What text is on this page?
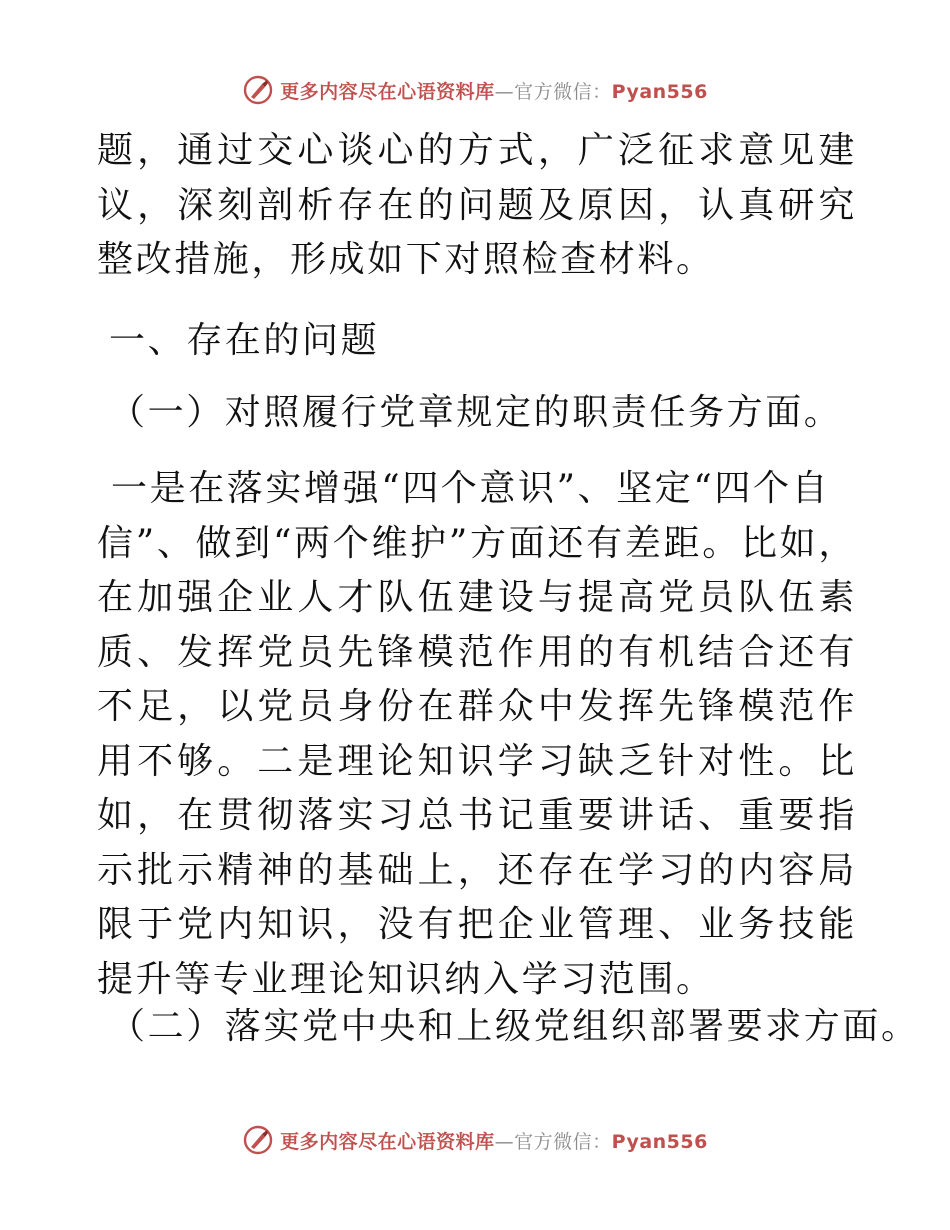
更多内容尽在心语资料库—官方微信：Pyan556

题，通过交心谈心的方式，广泛征求意见建议，深刻剖析存在的问题及原因，认真研究整改措施，形成如下对照检查材料。

一、存在的问题

（一）对照履行党章规定的职责任务方面。

一是在落实增强“四个意识”、坚定“四个自

信”、做到“两个维护”方面还有差距。比如，在加强企业人才队伍建设与提高党员队伍素质、发挥党员先锋模范作用的有机结合还有不足，以党员身份在群众中发挥先锋模范作用不够。二是理论知识学习缺乏针对性。比如，在贯彻落实习总书记重要讲话、重要指示批示精神的基础上，还存在学习的内容局限于党内知识，没有把企业管理、业务技能提升等专业理论知识纳入学习范围。

（二）落实党中央和上级党组织部署要求方面。

更多内容尽在心语资料库—官方微信：Pyan556
